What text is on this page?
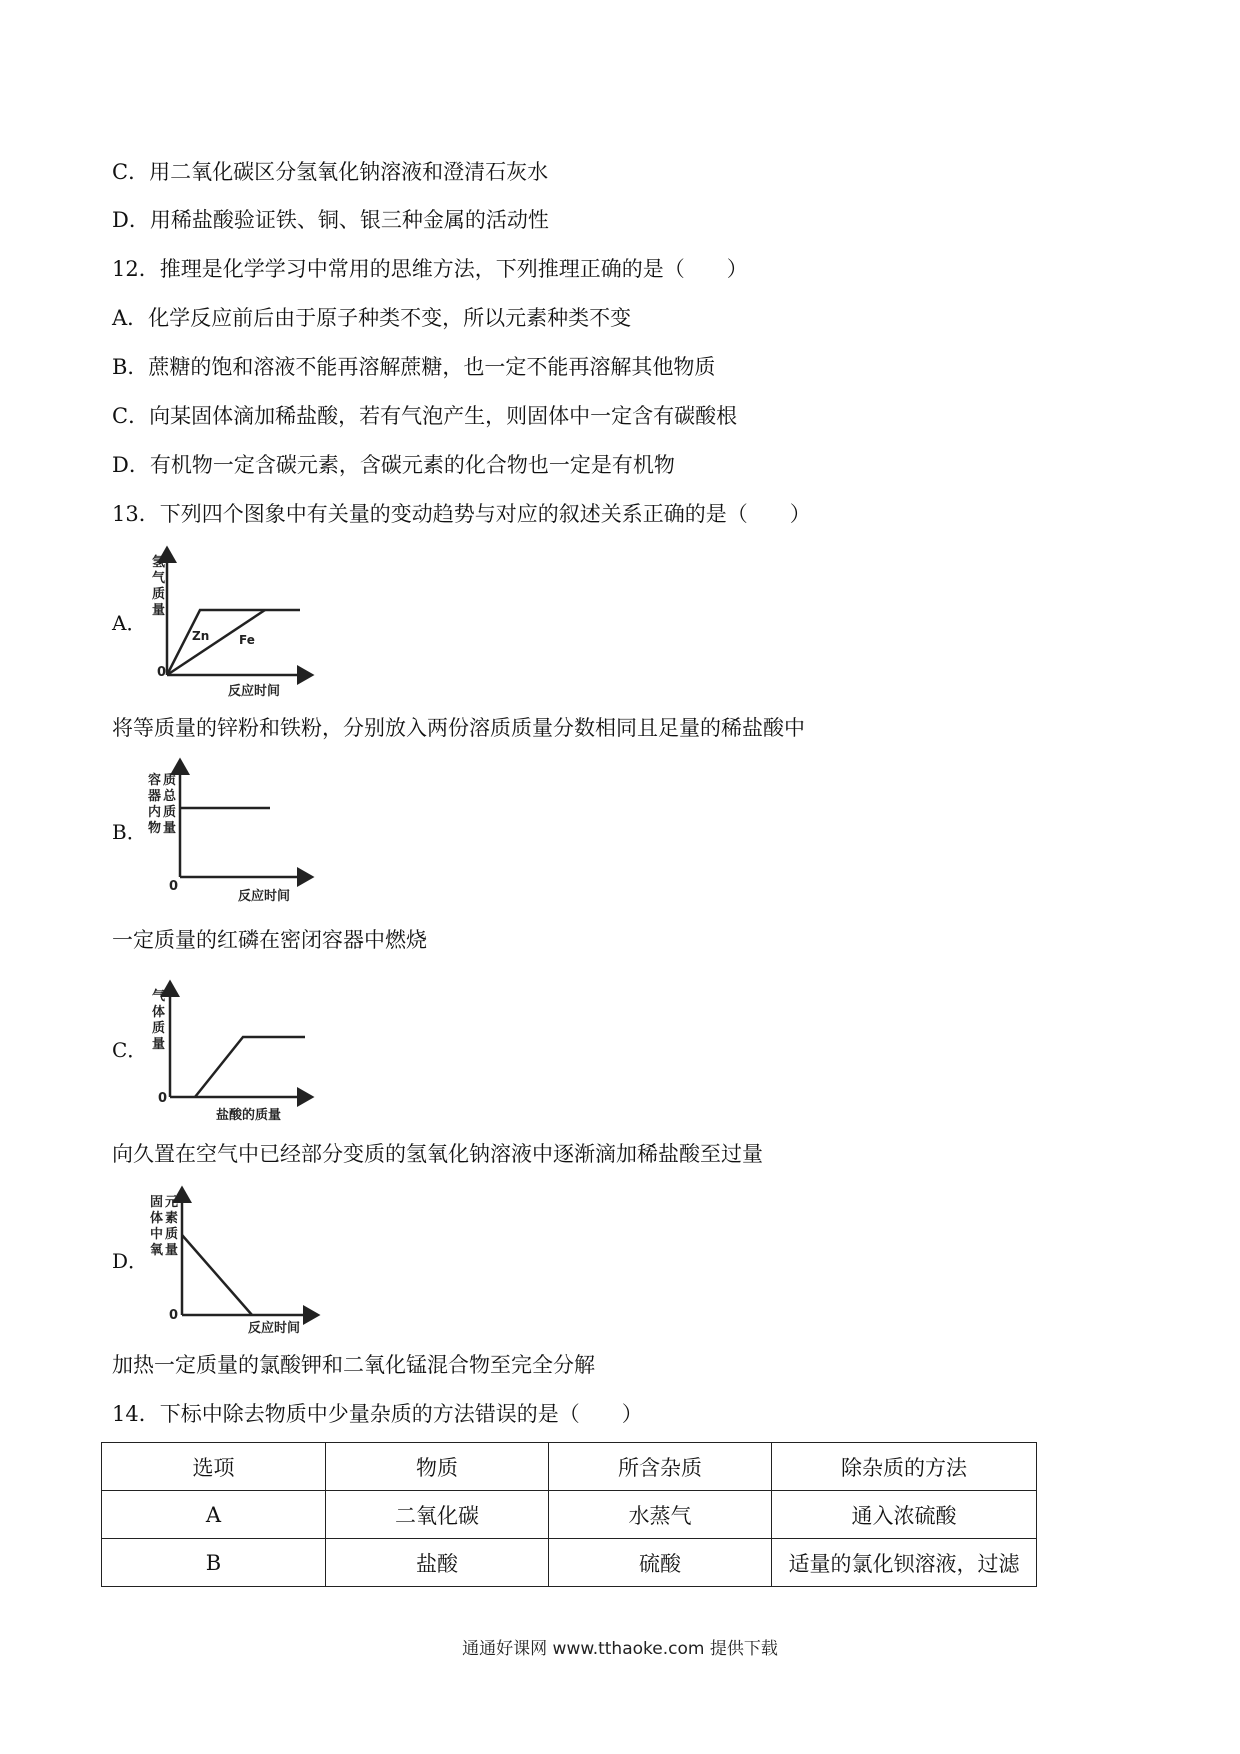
C．用二氧化碳区分氢氧化钠溶液和澄清石灰水
D．用稀盐酸验证铁、铜、银三种金属的活动性
12．推理是化学学习中常用的思维方法，下列推理正确的是（　　）
A．化学反应前后由于原子种类不变，所以元素种类不变
B．蔗糖的饱和溶液不能再溶解蔗糖，也一定不能再溶解其他物质
C．向某固体滴加稀盐酸，若有气泡产生，则固体中一定含有碳酸根
D．有机物一定含碳元素，含碳元素的化合物也一定是有机物
13．下列四个图象中有关量的变动趋势与对应的叙述关系正确的是（　　）
A．
氢
气
质
量
0
反应时间
Zn Fe
将等质量的锌粉和铁粉，分别放入两份溶质质量分数相同且足量的稀盐酸中
B．
容
器
内
物
质
总
质
量
0
反应时间
一定质量的红磷在密闭容器中燃烧
C．
气
体
质
量
0
盐酸的质量
向久置在空气中已经部分变质的氢氧化钠溶液中逐渐滴加稀盐酸至过量
D．
固
体
中
氧
元
素
质
量
0
反应时间
加热一定质量的氯酸钾和二氧化锰混合物至完全分解
14．下标中除去物质中少量杂质的方法错误的是（　　）
选项	物质	所含杂质	除杂质的方法
A	二氧化碳	水蒸气	通入浓硫酸
B	盐酸	硫酸	适量的氯化钡溶液，过滤
通通好课网 www.tthaoke.com 提供下载
